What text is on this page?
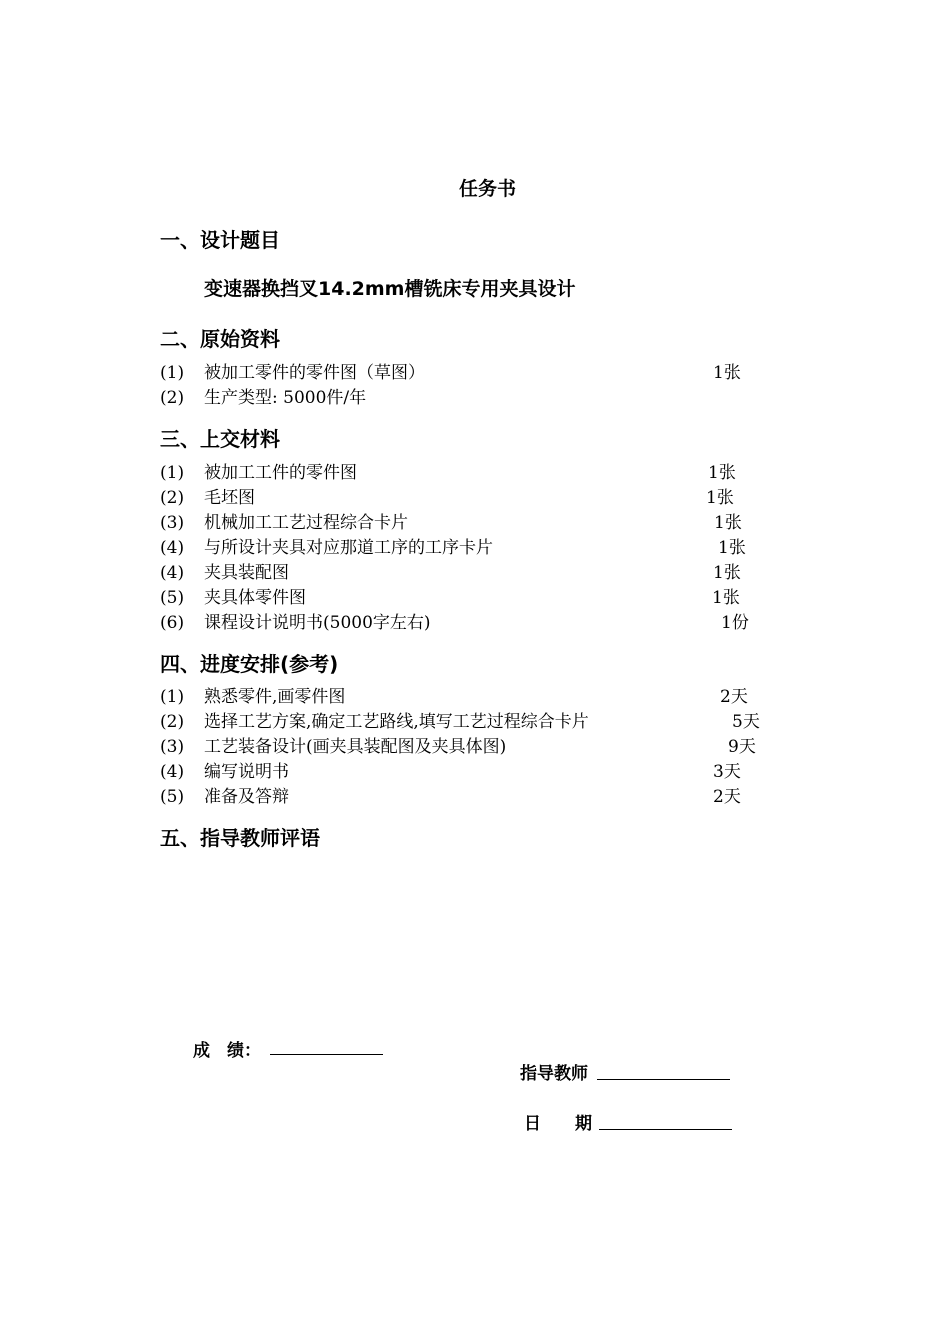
任务书
一、设计题目
变速器换挡叉14.2mm槽铣床专用夹具设计
二、原始资料
(1) 被加工零件的零件图（草图）	1张
(2) 生产类型: 5000件/年
三、上交材料
(1) 被加工工件的零件图	1张
(2) 毛坯图	1张
(3) 机械加工工艺过程综合卡片	1张
(4) 与所设计夹具对应那道工序的工序卡片	1张
(4) 夹具装配图	1张
(5) 夹具体零件图	1张
(6) 课程设计说明书(5000字左右)	1份
四、进度安排(参考)
(1) 熟悉零件,画零件图	2天
(2) 选择工艺方案,确定工艺路线,填写工艺过程综合卡片	5天
(3) 工艺装备设计(画夹具装配图及夹具体图)	9天
(4) 编写说明书	3天
(5) 准备及答辩	2天
五、指导教师评语
成　绩：
指导教师
日　　期
